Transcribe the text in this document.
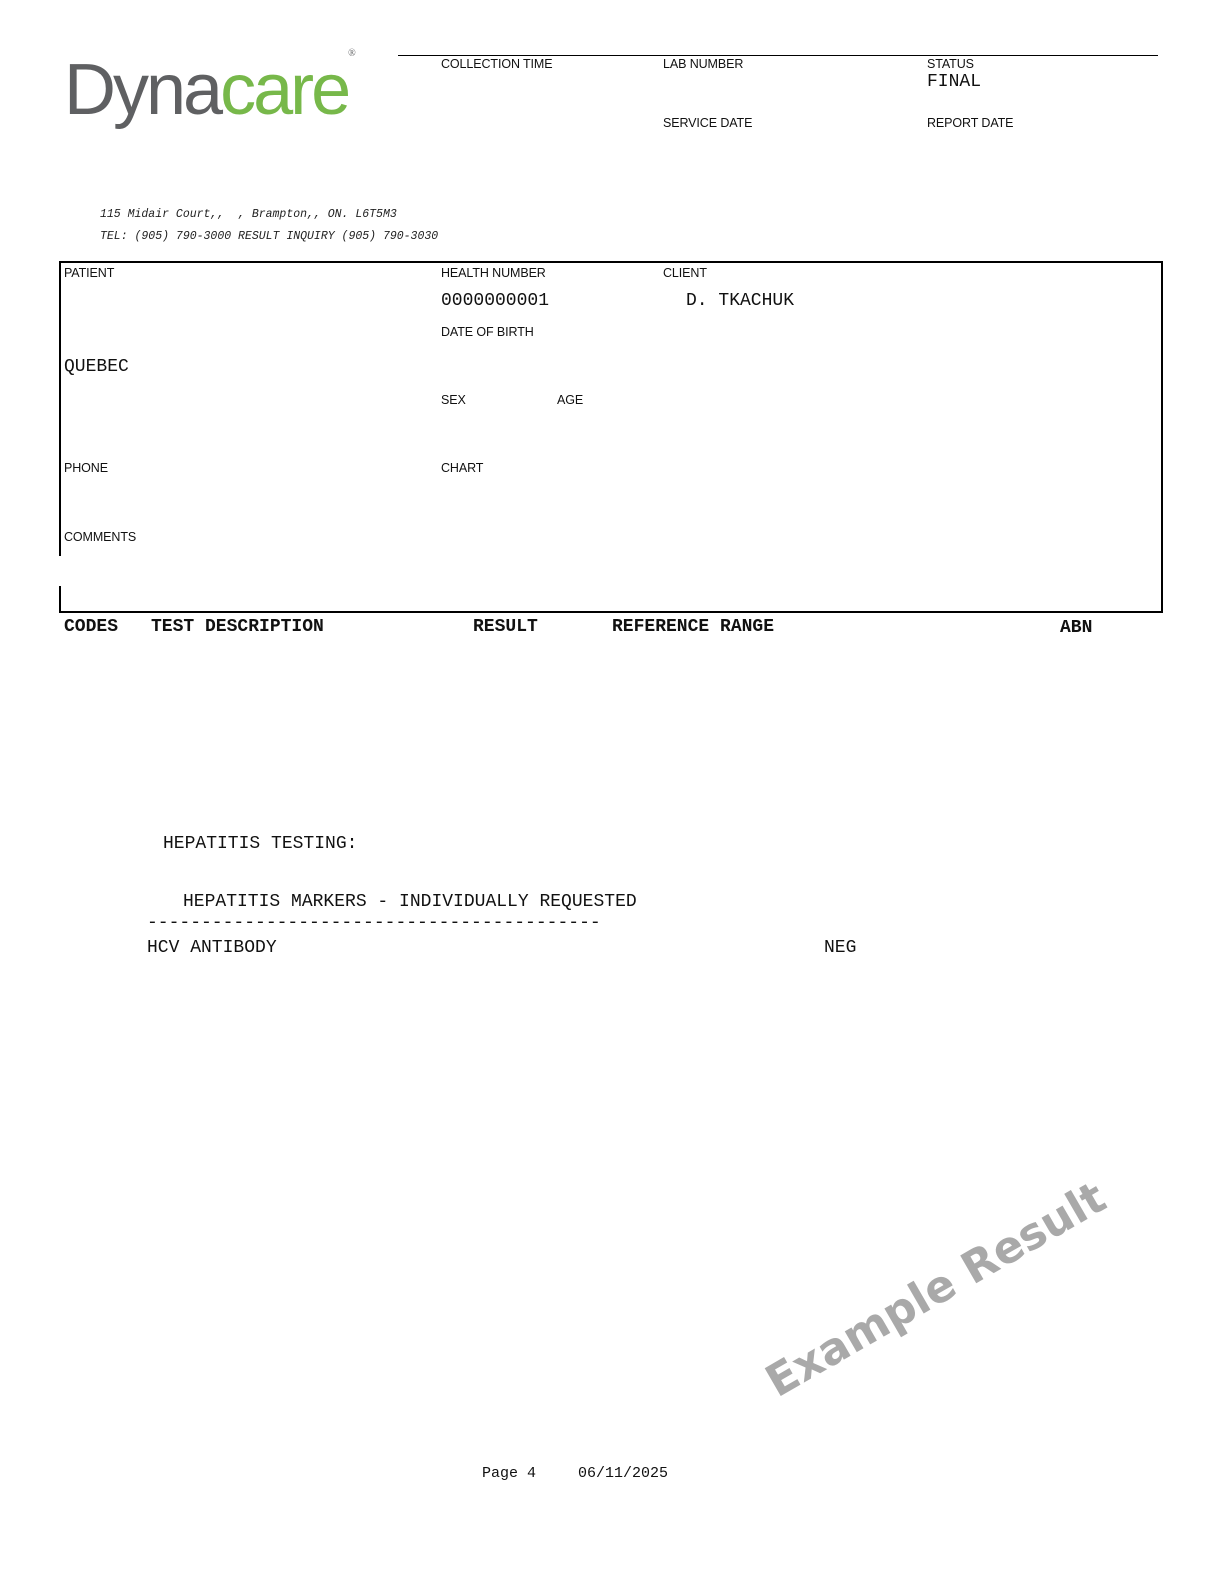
Dynacare®

COLLECTION TIME	LAB NUMBER	STATUS
FINAL
SERVICE DATE	REPORT DATE
115 Midair Court,,  , Brampton,, ON. L6T5M3
TEL: (905) 790-3000 RESULT INQUIRY (905) 790-3030
PATIENT	HEALTH NUMBER
0000000001
CLIENT
D. TKACHUK
DATE OF BIRTH
QUEBEC
SEX	AGE
PHONE	CHART
COMMENTS
CODES TEST DESCRIPTION	RESULT	REFERENCE RANGE	ABN
HEPATITIS TESTING:
HEPATITIS MARKERS - INDIVIDUALLY REQUESTED
------------------------------------------
HCV ANTIBODY	NEG
Example Result
Page 4	06/11/2025
